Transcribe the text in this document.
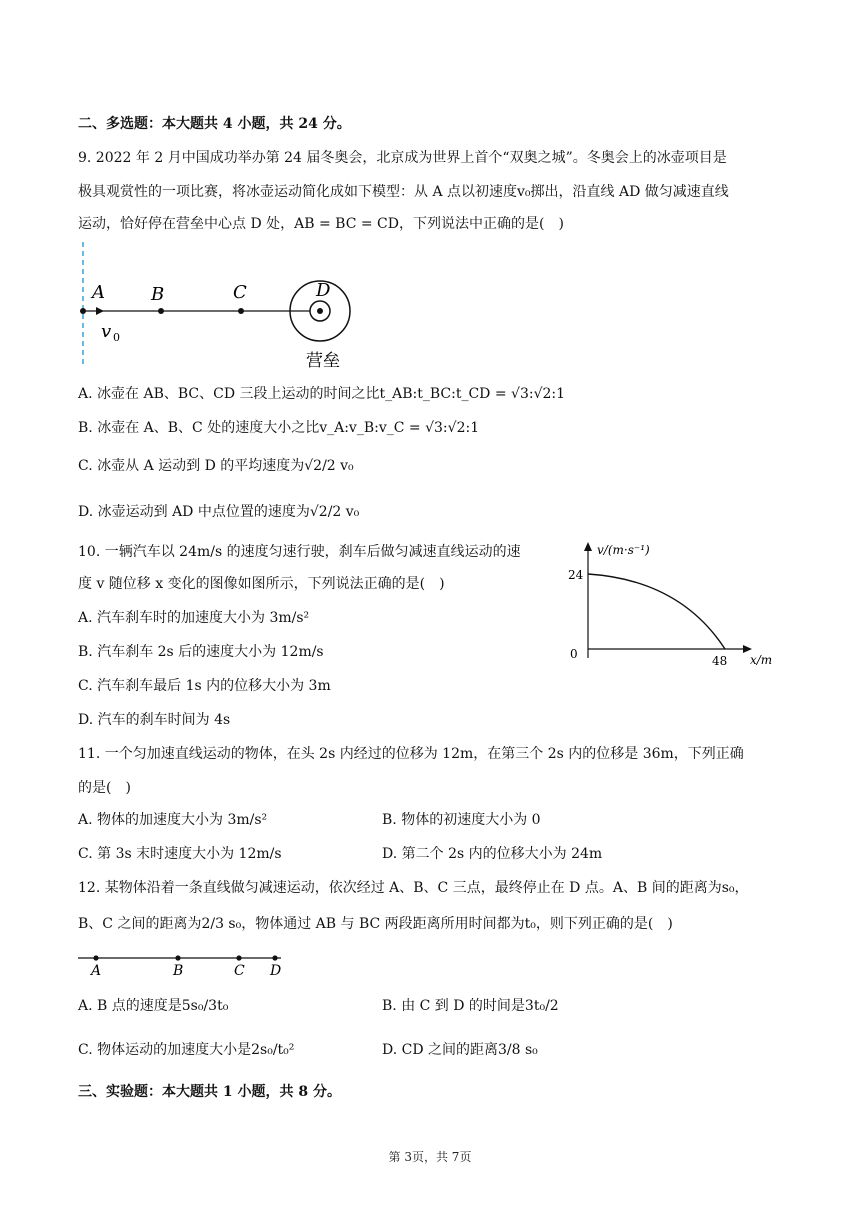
二、多选题：本大题共 4 小题，共 24 分。
9. 2022 年 2 月中国成功举办第 24 届冬奥会，北京成为世界上首个“双奥之城”。冬奥会上的冰壶项目是
极具观赏性的一项比赛，将冰壶运动简化成如下模型：从 A 点以初速度v₀掷出，沿直线 AD 做匀减速直线
运动，恰好停在营垒中心点 D 处，AB = BC = CD，下列说法中正确的是(　)
A	B	C	D
v 0
营垒
A. 冰壶在 AB、BC、CD 三段上运动的时间之比t_AB:t_BC:t_CD = √3:√2:1
B. 冰壶在 A、B、C 处的速度大小之比v_A:v_B:v_C = √3:√2:1
C. 冰壶从 A 运动到 D 的平均速度为√2/2 v₀
D. 冰壶运动到 AD 中点位置的速度为√2/2 v₀
10. 一辆汽车以 24m/s 的速度匀速行驶，刹车后做匀减速直线运动的速
度 v 随位移 x 变化的图像如图所示，下列说法正确的是(　)
A. 汽车刹车时的加速度大小为 3m/s²
B. 汽车刹车 2s 后的速度大小为 12m/s
C. 汽车刹车最后 1s 内的位移大小为 3m
D. 汽车的刹车时间为 4s
v/(m·s⁻¹)
24
0	48 x/m
11. 一个匀加速直线运动的物体，在头 2s 内经过的位移为 12m，在第三个 2s 内的位移是 36m，下列正确
的是(　)
A. 物体的加速度大小为 3m/s²	B. 物体的初速度大小为 0
C. 第 3s 末时速度大小为 12m/s	D. 第二个 2s 内的位移大小为 24m
12. 某物体沿着一条直线做匀减速运动，依次经过 A、B、C 三点，最终停止在 D 点。A、B 间的距离为s₀，
B、C 之间的距离为2/3 s₀，物体通过 AB 与 BC 两段距离所用时间都为t₀，则下列正确的是(　)
A	B	C D
A. B 点的速度是5s₀/3t₀	B. 由 C 到 D 的时间是3t₀/2
C. 物体运动的加速度大小是2s₀/t₀²	D. CD 之间的距离3/8 s₀
三、实验题：本大题共 1 小题，共 8 分。
第 3页，共 7页
